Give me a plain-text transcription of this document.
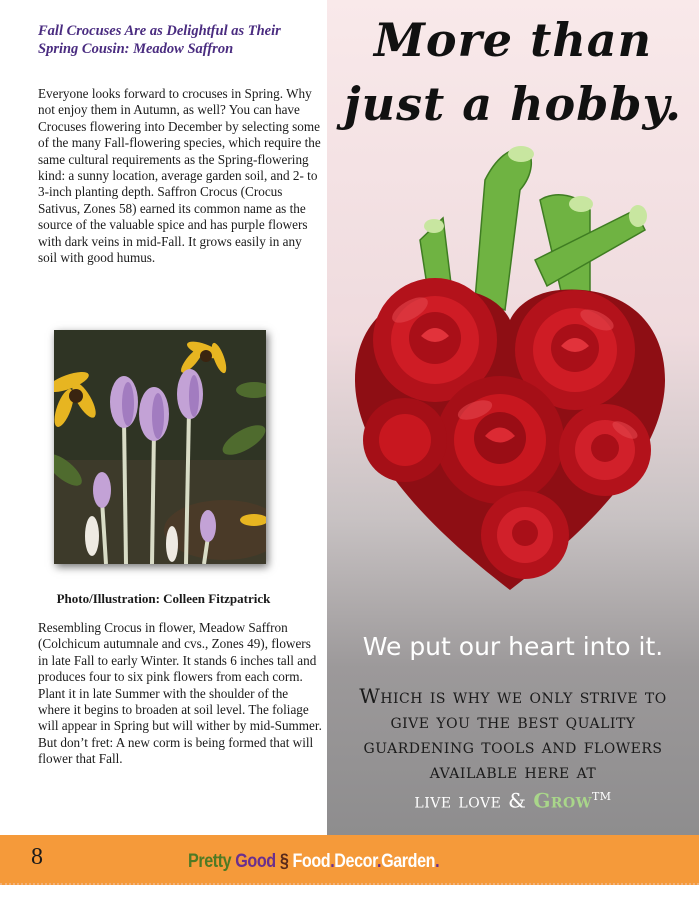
Fall Crocuses Are as Delightful as Their Spring Cousin: Meadow Saffron

Everyone looks forward to crocuses in Spring. Why not enjoy them in Autumn, as well? You can have Crocuses flowering into December by selecting some of the many Fall-flowering species, which require the same cultural requirements as the Spring-flowering kind: a sunny location, average garden soil, and 2- to 3-inch planting depth. Saffron Crocus (Crocus Sativus, Zones 58) earned its common name as the source of the valuable spice and has purple flowers with dark veins in mid-Fall. It grows easily in any soil with good humus.

Photo/Illustration: Colleen Fitzpatrick

Resembling Crocus in flower, Meadow Saffron (Colchicum autumnale and cvs., Zones 49), flowers in late Fall to early Winter. It stands 6 inches tall and produces four to six pink flowers from each corm. Plant it in late Summer with the shoulder of the where it begins to broaden at soil level. The foliage will appear in Spring but will wither by mid-Summer. But don’t fret: A new corm is being formed that will flower that Fall.

More than
just a hobby.

We put our heart into it.

Which is why we only strive to
give you the best quality
guardening tools and flowers
available here at

live love & Grow™

8	Pretty Good § Food.Decor.Garden.
